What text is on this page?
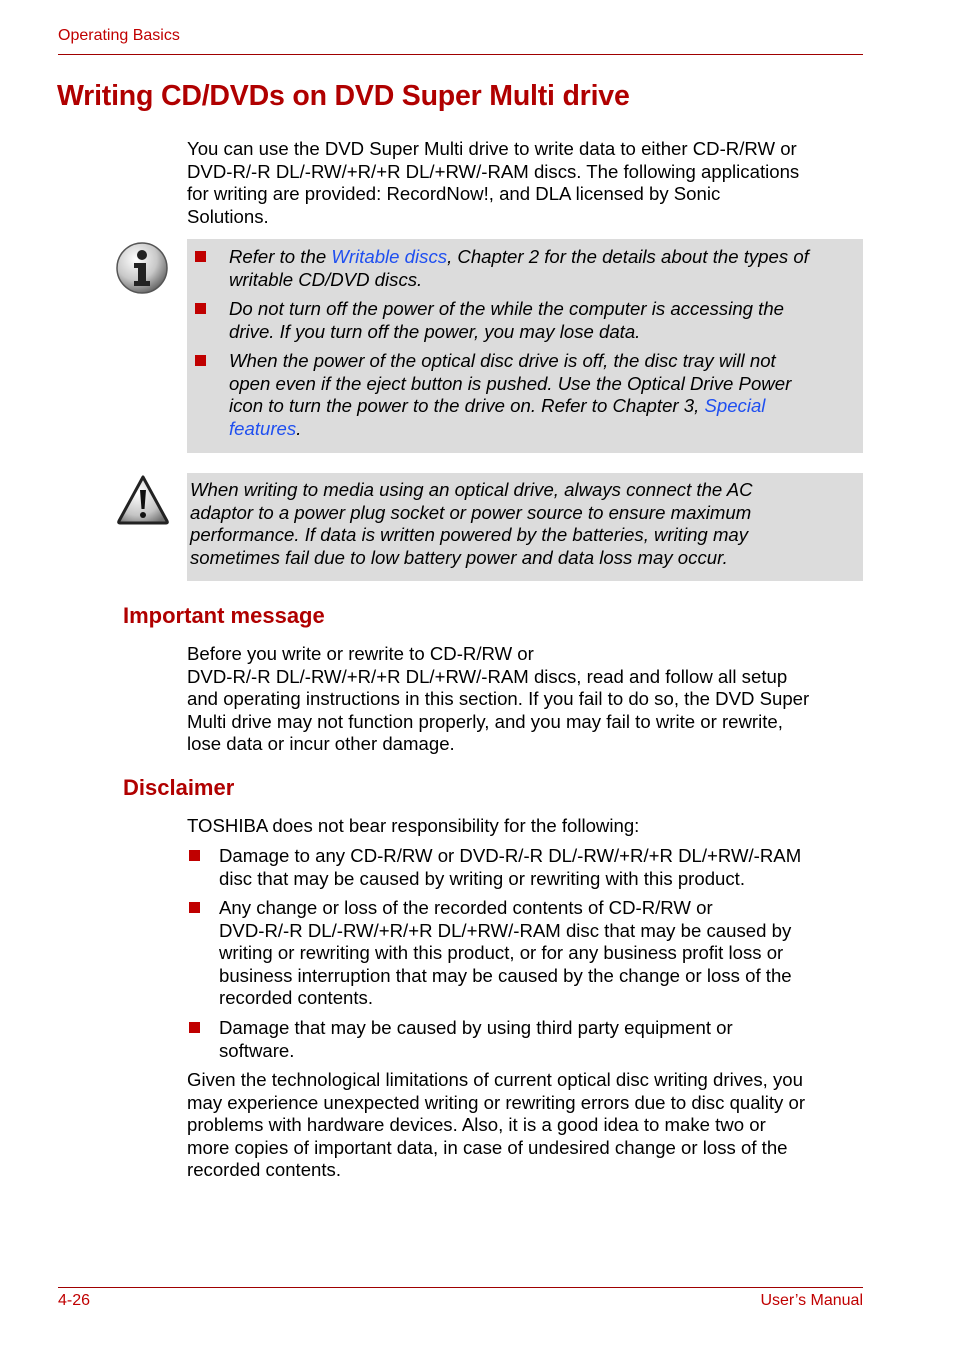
Operating Basics
Writing CD/DVDs on DVD Super Multi drive
You can use the DVD Super Multi drive to write data to either CD-R/RW or
DVD-R/-R DL/-RW/+R/+R DL/+RW/-RAM discs. The following applications
for writing are provided: RecordNow!, and DLA licensed by Sonic
Solutions.
Refer to the Writable discs, Chapter 2 for the details about the types of
writable CD/DVD discs.
Do not turn off the power of the while the computer is accessing the
drive. If you turn off the power, you may lose data.
When the power of the optical disc drive is off, the disc tray will not
open even if the eject button is pushed. Use the Optical Drive Power
icon to turn the power to the drive on. Refer to Chapter 3, Special
features.
When writing to media using an optical drive, always connect the AC
adaptor to a power plug socket or power source to ensure maximum
performance. If data is written powered by the batteries, writing may
sometimes fail due to low battery power and data loss may occur.
Important message
Before you write or rewrite to CD-R/RW or
DVD-R/-R DL/-RW/+R/+R DL/+RW/-RAM discs, read and follow all setup
and operating instructions in this section. If you fail to do so, the DVD Super
Multi drive may not function properly, and you may fail to write or rewrite,
lose data or incur other damage.
Disclaimer
TOSHIBA does not bear responsibility for the following:
Damage to any CD-R/RW or DVD-R/-R DL/-RW/+R/+R DL/+RW/-RAM
disc that may be caused by writing or rewriting with this product.
Any change or loss of the recorded contents of CD-R/RW or
DVD-R/-R DL/-RW/+R/+R DL/+RW/-RAM disc that may be caused by
writing or rewriting with this product, or for any business profit loss or
business interruption that may be caused by the change or loss of the
recorded contents.
Damage that may be caused by using third party equipment or
software.
Given the technological limitations of current optical disc writing drives, you
may experience unexpected writing or rewriting errors due to disc quality or
problems with hardware devices. Also, it is a good idea to make two or
more copies of important data, in case of undesired change or loss of the
recorded contents.
4-26	User’s Manual
